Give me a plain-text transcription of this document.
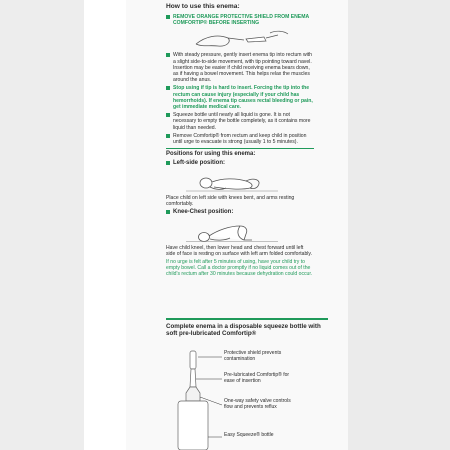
How to use this enema:
REMOVE ORANGE PROTECTIVE SHIELD FROM ENEMA COMFORTIP® BEFORE INSERTING
With steady pressure, gently insert enema tip into rectum with a slight side-to-side movement, with tip pointing toward navel. Insertion may be easier if child receiving enema bears down, as if having a bowel movement. This helps relax the muscles around the anus.
Stop using if tip is hard to insert. Forcing the tip into the rectum can cause injury (especially if your child has hemorrhoids). If enema tip causes rectal bleeding or pain, get immediate medical care.
Squeeze bottle until nearly all liquid is gone. It is not necessary to empty the bottle completely, as it contains more liquid than needed.
Remove Comfortip® from rectum and keep child in position until urge to evacuate is strong (usually 1 to 5 minutes).
Positions for using this enema:
Left-side position:
Place child on left side with knees bent, and arms resting comfortably.
Knee-Chest position:
Have child kneel, then lower head and chest forward until left side of face is resting on surface with left arm folded comfortably.
If no urge is felt after 5 minutes of using, have your child try to empty bowel. Call a doctor promptly if no liquid comes out of the child's rectum after 30 minutes because dehydration could occur.
Complete enema in a disposable squeeze bottle with soft pre-lubricated Comfortip®
Protective shield prevents contamination
Pre-lubricated Comfortip® for ease of insertion
One-way safety valve controls flow and prevents reflux
Easy Squeeze® bottle
